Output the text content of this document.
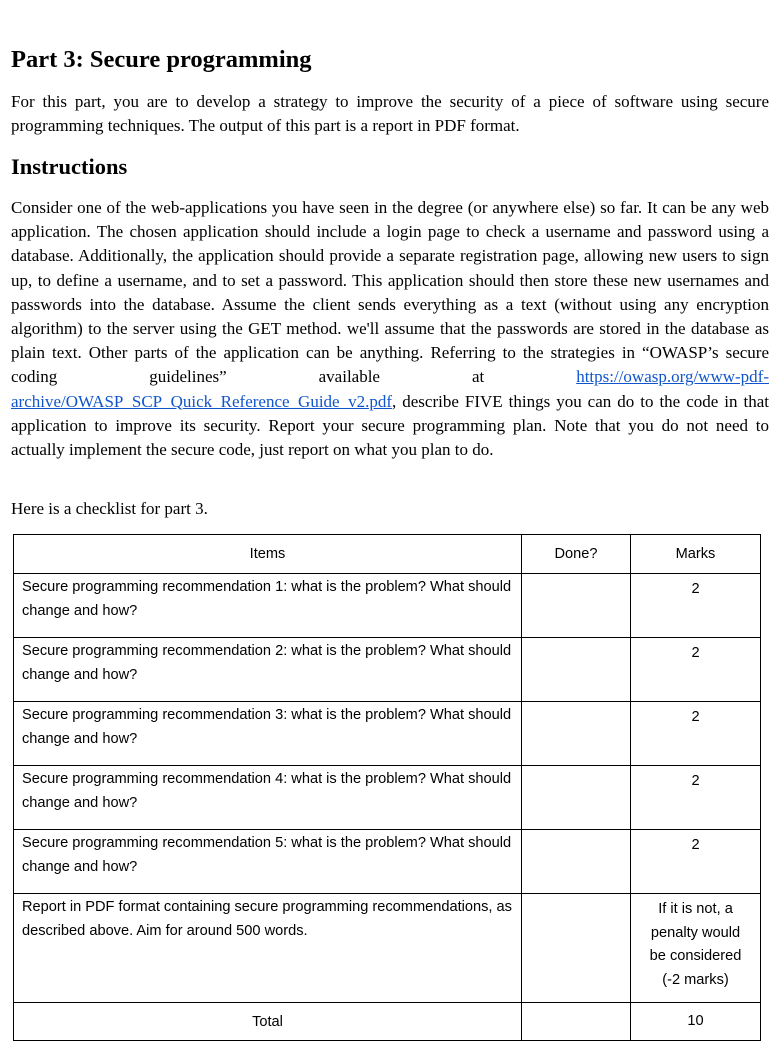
Part 3: Secure programming

For this part, you are to develop a strategy to improve the security of a piece of software using secure programming techniques. The output of this part is a report in PDF format.

Instructions

Consider one of the web-applications you have seen in the degree (or anywhere else) so far. It can be any web application. The chosen application should include a login page to check a username and password using a database. Additionally, the application should provide a separate registration page, allowing new users to sign up, to define a username, and to set a password. This application should then store these new usernames and passwords into the database. Assume the client sends everything as a text (without using any encryption algorithm) to the server using the GET method. we'll assume that the passwords are stored in the database as plain text. Other parts of the application can be anything. Referring to the strategies in “OWASP’s secure coding guidelines” available at https://owasp.org/www-pdf-archive/OWASP_SCP_Quick_Reference_Guide_v2.pdf, describe FIVE things you can do to the code in that application to improve its security. Report your secure programming plan. Note that you do not need to actually implement the secure code, just report on what you plan to do.

Here is a checklist for part 3.

Items	Done?	Marks
Secure programming recommendation 1: what is the problem? What should change and how?		2
Secure programming recommendation 2: what is the problem? What should change and how?		2
Secure programming recommendation 3: what is the problem? What should change and how?		2
Secure programming recommendation 4: what is the problem? What should change and how?		2
Secure programming recommendation 5: what is the problem? What should change and how?		2
Report in PDF format containing secure programming recommendations, as described above. Aim for around 500 words.		If it is not, a penalty would be considered (-2 marks)
Total		10
